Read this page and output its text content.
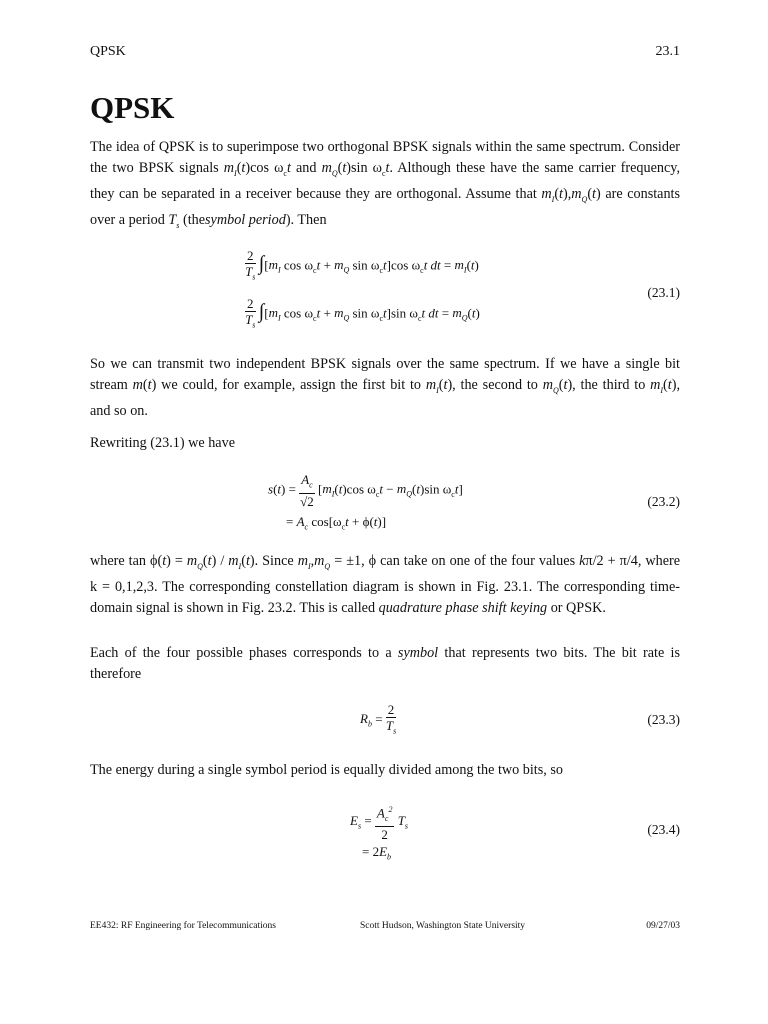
QPSK	23.1
QPSK
The idea of QPSK is to superimpose two orthogonal BPSK signals within the same spectrum. Consider the two BPSK signals $m_I(t)\cos$ $\omega_ct$ and $m_Q(t)\sin$ $\omega_ct$. Although these have the same carrier frequency, they can be separated in a receiver because they are orthogonal. Assume that $m_I(t),m_Q(t)$ are constants over a period $T_s$ (thesymbol period). Then
$\frac{2}{T_s} \int[m_I$ $\cos \omega_ct + m_Q$ $\sin \omega_ct]\cos$ $\omega_ct$ dt = $m_I(t)$
$\frac{2}{T_s} \int[m_I$ $\cos \omega_ct + m_Q$ $\sin \omega_ct]\sin$ $\omega_ct$ dt = $m_Q(t)$
(23.1)
So we can transmit two independent BPSK signals over the same spectrum. If we have a single bit stream m(t) we could, for example, assign the first bit to $m_I(t)$, the second to $m_Q(t)$, the third to $m_I(t)$, and so on.
Rewriting (23.1) we have
$s(t) = \frac{A_c}{√2} [m_I(t)\cos$ $\omega_ct - m_Q(t)\sin$ $\omega_ct$]
= $A_c$ $\cos[\omega_ct + \phi(t)]$
(23.2)
where $\tan \phi(t) = m_Q(t) / m_I(t)$. Since $m_I,m_Q = \pm 1$, ϕ can take on one of the four values kπ/2 + π/4, where k = 0,1,2,3. The corresponding constellation diagram is shown in Fig. 23.1. The corresponding time-domain signal is shown in Fig. 23.2. This is called quadrature phase shift keying or QPSK.
Each of the four possible phases corresponds to a symbol that represents two bits. The bit rate is therefore
$R_b = \frac{2}{T_s}$	(23.3)
The energy during a single symbol period is equally divided among the two bits, so
$E_s = \frac{A_c^2}{2} T_s$
= $2E_b$
(23.4)
EE432: RF Engineering for Telecommunications	Scott Hudson, Washington State University	09/27/03
